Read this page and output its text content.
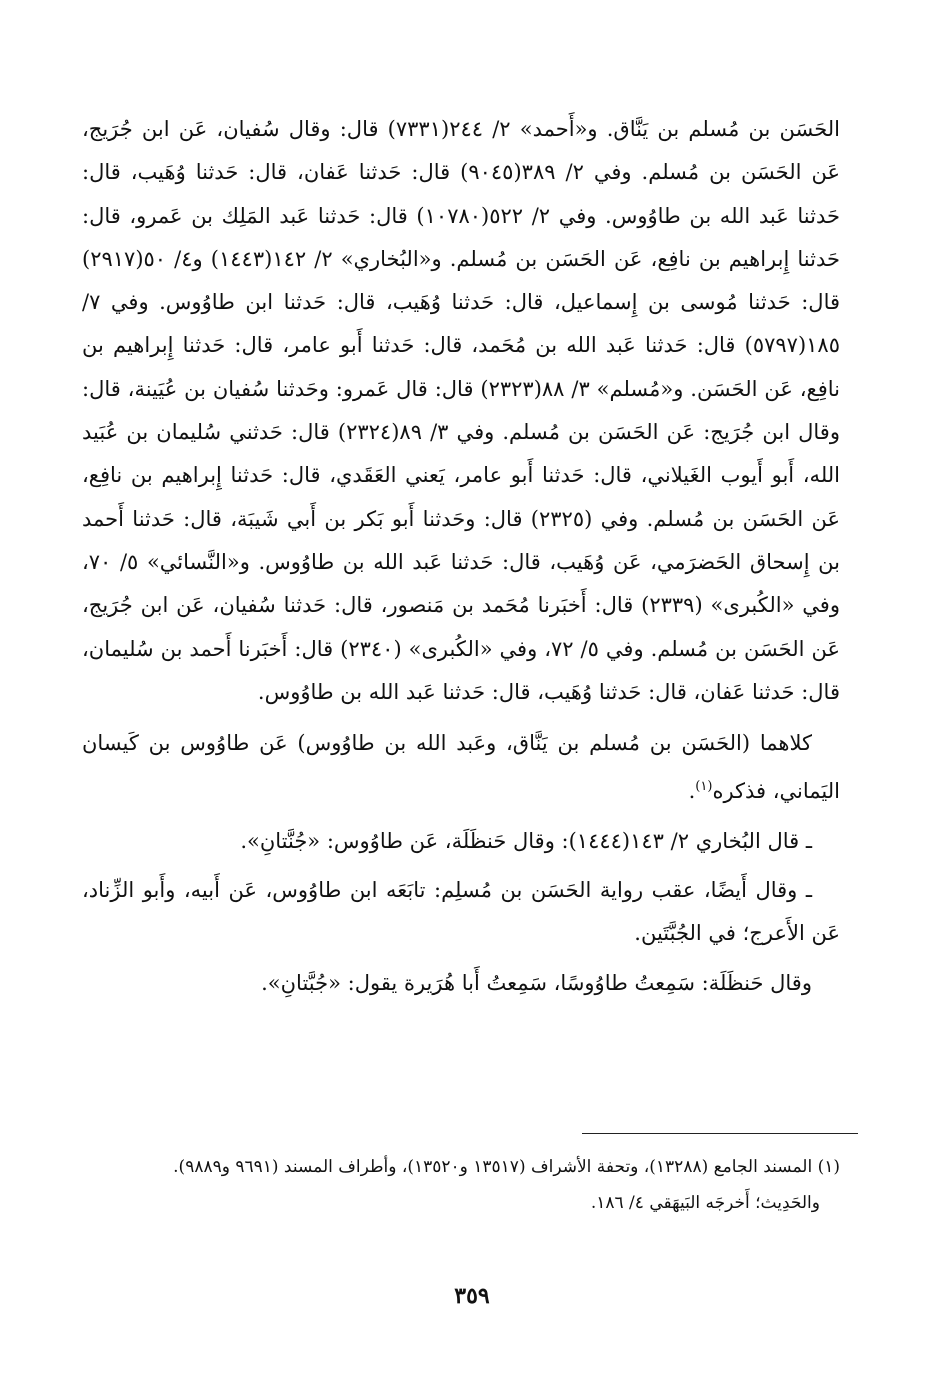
الحَسَن بن مُسلم بن يَنَّاق. و«أَحمد» ٢/ ٢٤٤(٧٣٣١) قال: وقال سُفيان، عَن ابن جُرَيج، عَن الحَسَن بن مُسلم. وفي ٢/ ٣٨٩(٩٠٤٥) قال: حَدثنا عَفان، قال: حَدثنا وُهَيب، قال: حَدثنا عَبد الله بن طاوُوس. وفي ٢/ ٥٢٢(١٠٧٨٠) قال: حَدثنا عَبد المَلِك بن عَمرو، قال: حَدثنا إِبراهيم بن نافِع، عَن الحَسَن بن مُسلم. و«البُخاري» ٢/ ١٤٢(١٤٤٣) و٤/ ٥٠(٢٩١٧) قال: حَدثنا مُوسى بن إِسماعيل، قال: حَدثنا وُهَيب، قال: حَدثنا ابن طاوُوس. وفي ٧/ ١٨٥(٥٧٩٧) قال: حَدثنا عَبد الله بن مُحَمد، قال: حَدثنا أَبو عامر، قال: حَدثنا إِبراهيم بن نافِع، عَن الحَسَن. و«مُسلم» ٣/ ٨٨(٢٣٢٣) قال: قال عَمرو: وحَدثنا سُفيان بن عُيَينة، قال: وقال ابن جُرَيج: عَن الحَسَن بن مُسلم. وفي ٣/ ٨٩(٢٣٢٤) قال: حَدثني سُليمان بن عُبَيد الله، أَبو أَيوب الغَيلاني، قال: حَدثنا أَبو عامر، يَعني العَقَدي، قال: حَدثنا إِبراهيم بن نافِع، عَن الحَسَن بن مُسلم. وفي (٢٣٢٥) قال: وحَدثنا أَبو بَكر بن أَبي شَيبَة، قال: حَدثنا أَحمد بن إِسحاق الحَضرَمي، عَن وُهَيب، قال: حَدثنا عَبد الله بن طاوُوس. و«النَّسائي» ٥/ ٧٠، وفي «الكُبرى» (٢٣٣٩) قال: أَخبَرنا مُحَمد بن مَنصور، قال: حَدثنا سُفيان، عَن ابن جُرَيج، عَن الحَسَن بن مُسلم. وفي ٥/ ٧٢، وفي «الكُبرى» (٢٣٤٠) قال: أَخبَرنا أَحمد بن سُليمان، قال: حَدثنا عَفان، قال: حَدثنا وُهَيب، قال: حَدثنا عَبد الله بن طاوُوس.

كلاهما (الحَسَن بن مُسلم بن يَنَّاق، وعَبد الله بن طاوُوس) عَن طاوُوس بن كَيسان اليَماني، فذكره$^{(١)}$.

ـ قال البُخاري ٢/ ١٤٣(١٤٤٤): وقال حَنظَلَة، عَن طاوُوس: «جُنَّتانِ».

ـ وقال أَيضًا، عقب رواية الحَسَن بن مُسلِم: تابَعَه ابن طاوُوس، عَن أَبيه، وأَبو الزِّناد، عَن الأَعرج؛ في الجُبَّتَين.

وقال حَنظَلَة: سَمِعتُ طاوُوسًا، سَمِعتُ أَبا هُرَيرة يقول: «جُبَّتانِ».

(١) المسند الجامع (١٣٢٨٨)، وتحفة الأشراف (١٣٥١٧ و١٣٥٢٠)، وأطراف المسند (٩٦٩١ و٩٨٨٩).

والحَدِيث؛ أَخرجَه البَيهَقي ٤/ ١٨٦.

٣٥٩
